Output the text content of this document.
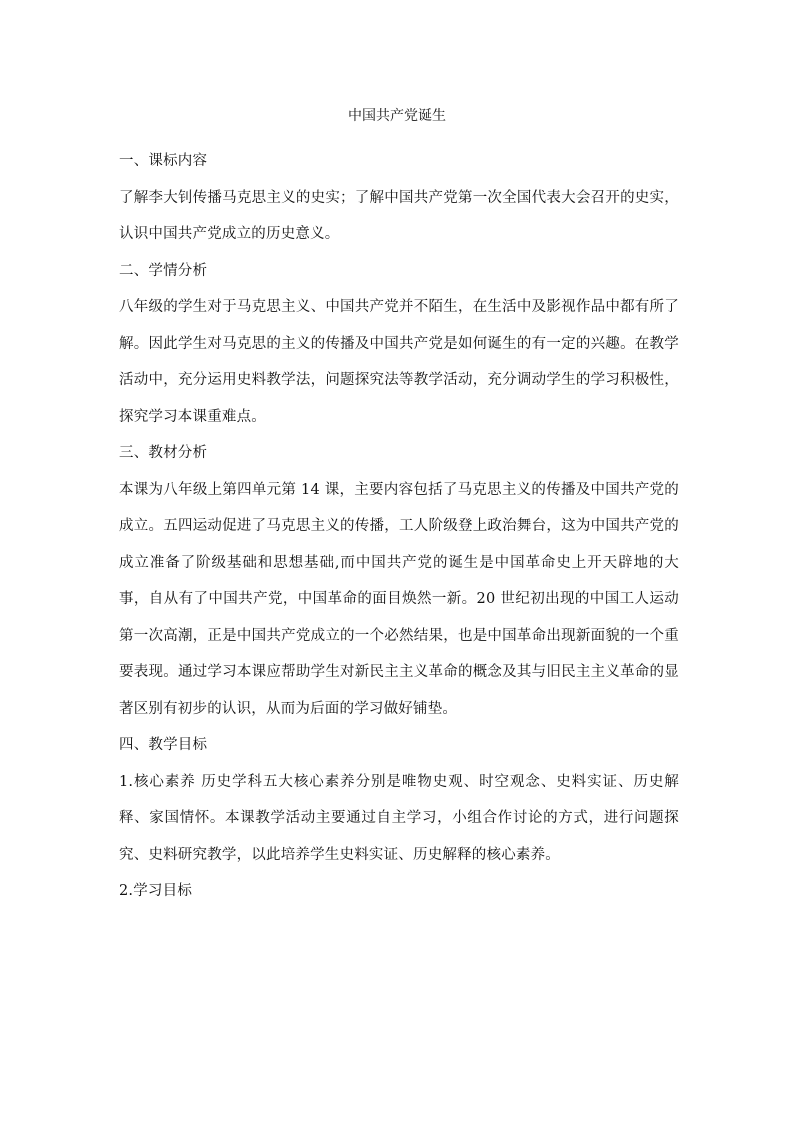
中国共产党诞生

一、课标内容

了解李大钊传播马克思主义的史实；了解中国共产党第一次全国代表大会召开的史实，认识中国共产党成立的历史意义。

二、学情分析

八年级的学生对于马克思主义、中国共产党并不陌生，在生活中及影视作品中都有所了解。因此学生对马克思的主义的传播及中国共产党是如何诞生的有一定的兴趣。在教学活动中，充分运用史料教学法，问题探究法等教学活动，充分调动学生的学习积极性，探究学习本课重难点。

三、教材分析

本课为八年级上第四单元第 14 课，主要内容包括了马克思主义的传播及中国共产党的成立。五四运动促进了马克思主义的传播，工人阶级登上政治舞台，这为中国共产党的成立准备了阶级基础和思想基础,而中国共产党的诞生是中国革命史上开天辟地的大事，自从有了中国共产党，中国革命的面目焕然一新。20 世纪初出现的中国工人运动第一次高潮，正是中国共产党成立的一个必然结果，也是中国革命出现新面貌的一个重要表现。通过学习本课应帮助学生对新民主主义革命的概念及其与旧民主主义革命的显著区别有初步的认识，从而为后面的学习做好铺垫。

四、教学目标

1.核心素养 历史学科五大核心素养分别是唯物史观、时空观念、史料实证、历史解释、家国情怀。本课教学活动主要通过自主学习，小组合作讨论的方式，进行问题探究、史料研究教学，以此培养学生史料实证、历史解释的核心素养。

2.学习目标
